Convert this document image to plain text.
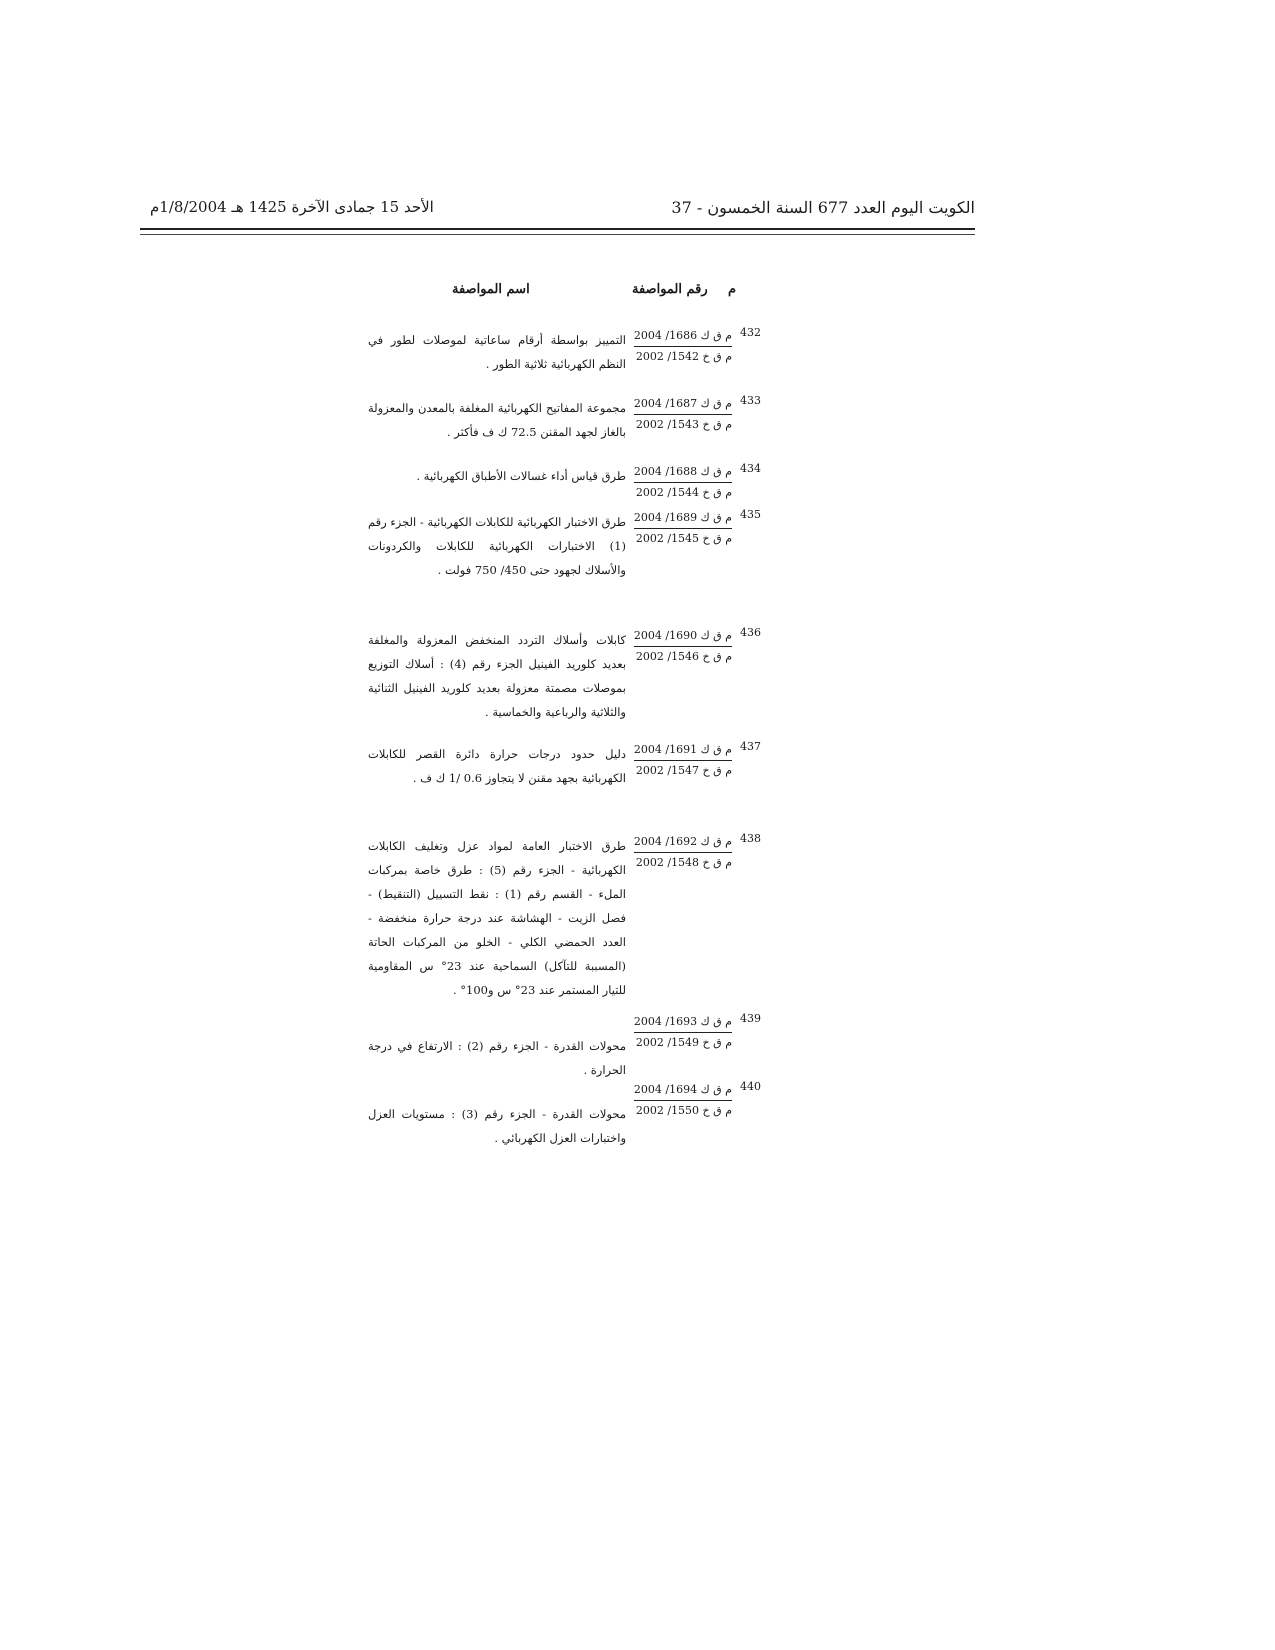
الكويت اليوم العدد 677 السنة الخمسون - 37
الأحد 15 جمادى الآخرة 1425 هـ 1/8/2004م
م
رقم المواصفة
اسم المواصفة
432
م ق ك 1686/ 2004
م ق خ 1542/ 2002
التمييز بواسطة أرقام ساعاتية لموصلات لطور في النظم الكهربائية ثلاثية الطور .
433
م ق ك 1687/ 2004
م ق خ 1543/ 2002
مجموعة المفاتيح الكهربائية المغلفة بالمعدن والمعزولة بالغاز لجهد المقنن 72.5 ك ف فأكثر .
434
م ق ك 1688/ 2004
م ق خ 1544/ 2002
طرق قياس أداء غسالات الأطباق الكهربائية .
435
م ق ك 1689/ 2004
م ق خ 1545/ 2002
طرق الاختبار الكهربائية للكابلات الكهربائية - الجزء رقم (1) الاختبارات الكهربائية للكابلات والكردونات والأسلاك لجهود حتى 450/ 750 فولت .
436
م ق ك 1690/ 2004
م ق خ 1546/ 2002
كابلات وأسلاك التردد المنخفض المعزولة والمغلفة بعديد كلوريد الفينيل الجزء رقم (4) : أسلاك التوزيع بموصلات مصمتة معزولة بعديد كلوريد الفينيل الثنائية والثلاثية والرباعية والخماسية .
437
م ق ك 1691/ 2004
م ق خ 1547/ 2002
دليل حدود درجات حرارة دائرة القصر للكابلات الكهربائية بجهد مقنن لا يتجاوز 0.6 /1 ك ف .
438
م ق ك 1692/ 2004
م ق خ 1548/ 2002
طرق الاختبار العامة لمواد عزل وتغليف الكابلات الكهربائية - الجزء رقم (5) : طرق خاصة بمركبات الملء - القسم رقم (1) : نقط التسييل (التنقيط) - فصل الزيت - الهشاشة عند درجة حرارة منخفضة - العدد الحمضي الكلي - الخلو من المركبات الحاتة (المسببة للتآكل) السماحية عند 23° س المقاومية للتيار المستمر عند 23° س و100° .
439
م ق ك 1693/ 2004
م ق خ 1549/ 2002
محولات القدرة - الجزء رقم (2) : الارتفاع في درجة الحرارة .
440
م ق ك 1694/ 2004
م ق خ 1550/ 2002
محولات القدرة - الجزء رقم (3) : مستويات العزل واختبارات العزل الكهربائي .
